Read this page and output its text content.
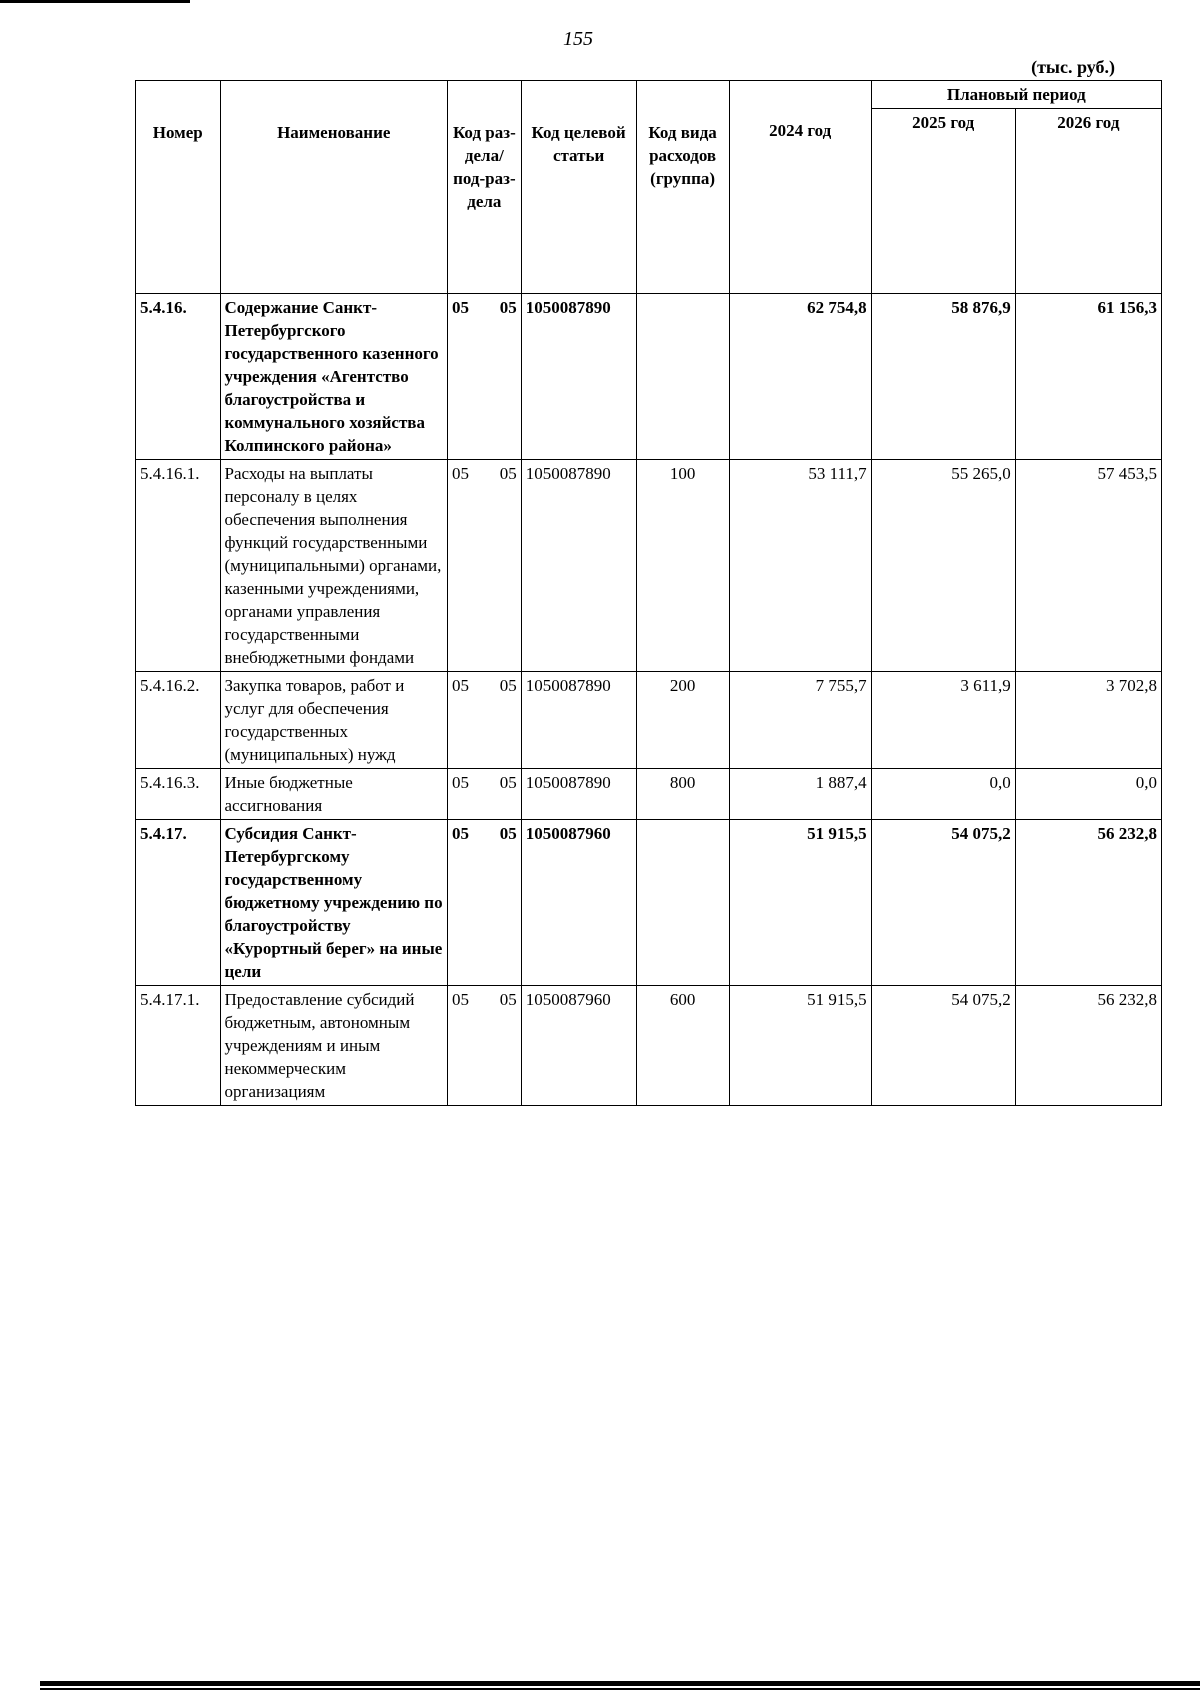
155
(тыс. руб.)
Номер	Наименование	Код раз-дела/ под-раз-дела	Код целевой статьи	Код вида расходов (группа)	2024 год	Плановый период	
						2025 год	2026 год
5.4.16.	Содержание Санкт-Петербургского государственного казенного учреждения «Агентство благоустройства и коммунального хозяйства Колпинского района»	05 05	1050087890		62 754,8	58 876,9	61 156,3
5.4.16.1.	Расходы на выплаты персоналу в целях обеспечения выполнения функций государственными (муниципальными) органами, казенными учреждениями, органами управления государственными внебюджетными фондами	05 05	1050087890	100	53 111,7	55 265,0	57 453,5
5.4.16.2.	Закупка товаров, работ и услуг для обеспечения государственных (муниципальных) нужд	05 05	1050087890	200	7 755,7	3 611,9	3 702,8
5.4.16.3.	Иные бюджетные ассигнования	05 05	1050087890	800	1 887,4	0,0	0,0
5.4.17.	Субсидия Санкт-Петербургскому государственному бюджетному учреждению по благоустройству «Курортный берег» на иные цели	05 05	1050087960		51 915,5	54 075,2	56 232,8
5.4.17.1.	Предоставление субсидий бюджетным, автономным учреждениям и иным некоммерческим организациям	05 05	1050087960	600	51 915,5	54 075,2	56 232,8
